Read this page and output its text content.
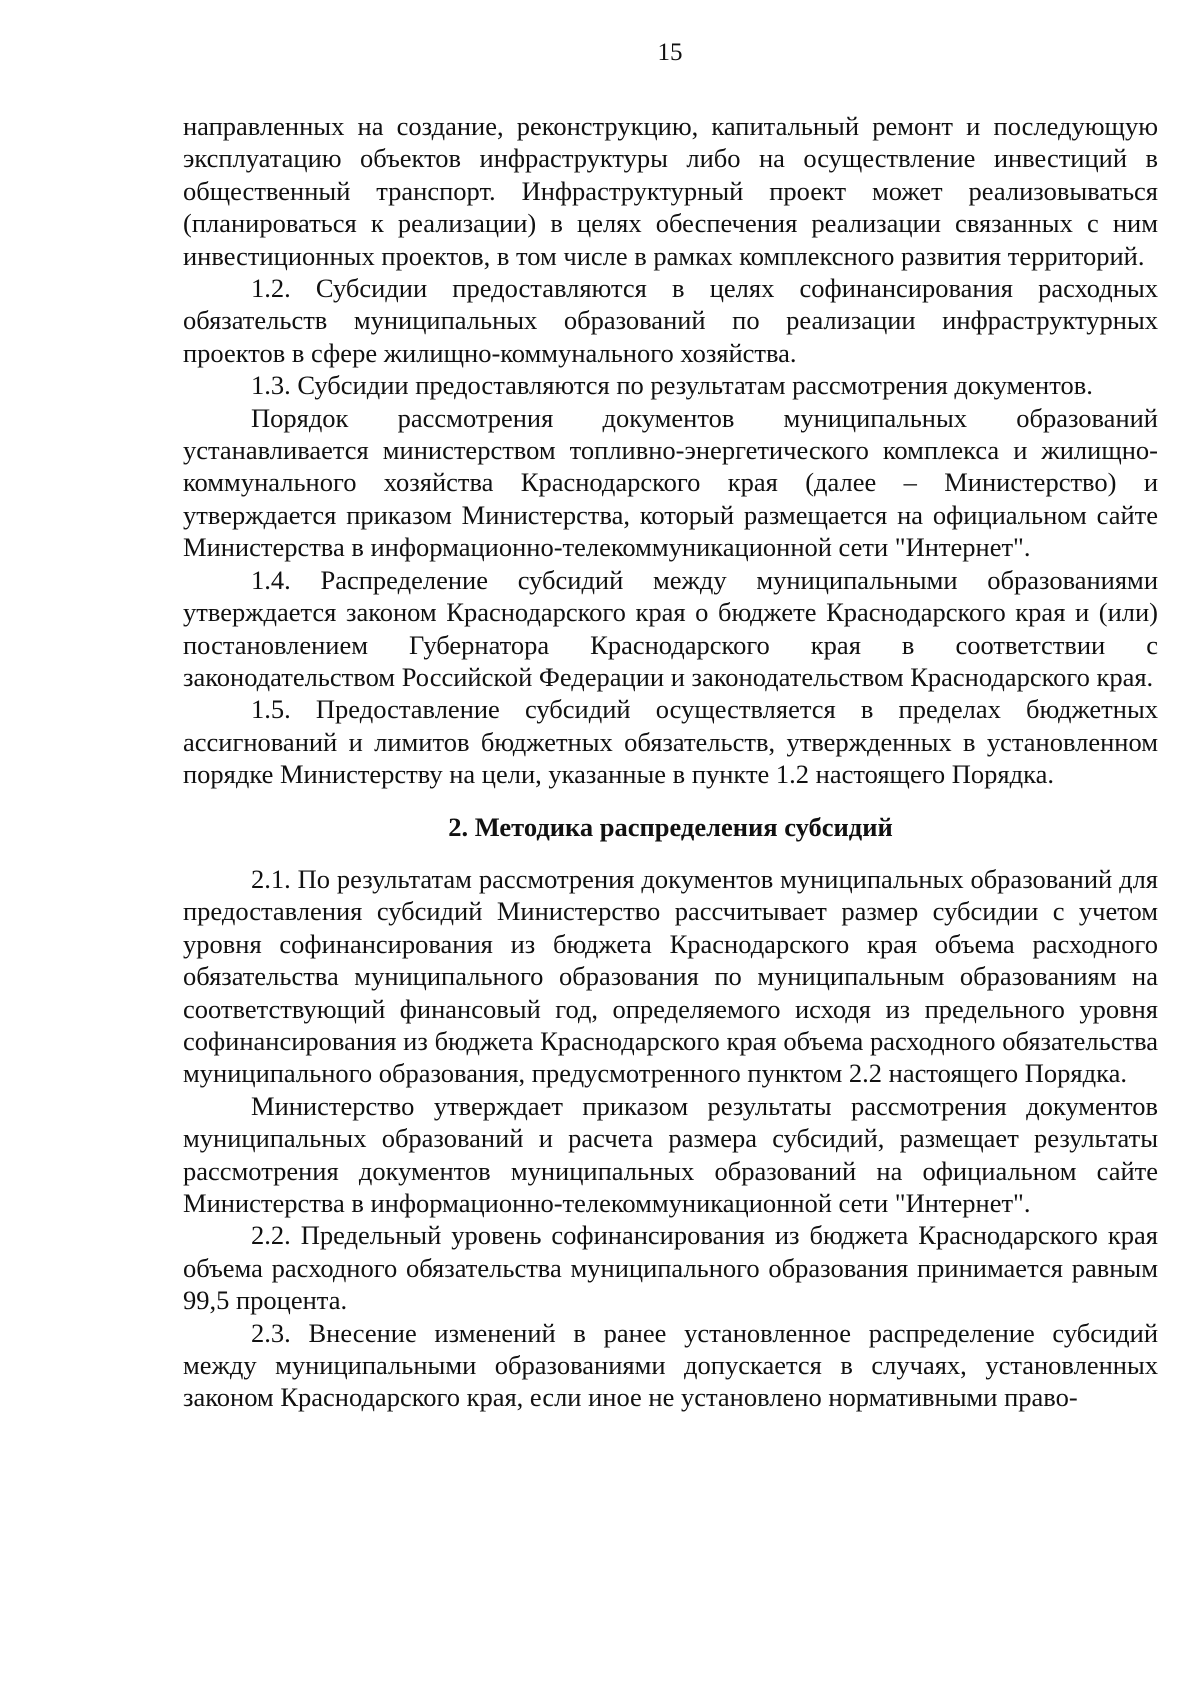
15

направленных на создание, реконструкцию, капитальный ремонт и последующую эксплуатацию объектов инфраструктуры либо на осуществление инвестиций в общественный транспорт. Инфраструктурный проект может реализовываться (планироваться к реализации) в целях обеспечения реализации связанных с ним инвестиционных проектов, в том числе в рамках комплексного развития территорий.

1.2. Субсидии предоставляются в целях софинансирования расходных обязательств муниципальных образований по реализации инфраструктурных проектов в сфере жилищно-коммунального хозяйства.

1.3. Субсидии предоставляются по результатам рассмотрения документов.

Порядок рассмотрения документов муниципальных образований устанавливается министерством топливно-энергетического комплекса и жилищно-коммунального хозяйства Краснодарского края (далее – Министерство) и утверждается приказом Министерства, который размещается на официальном сайте Министерства в информационно-телекоммуникационной сети "Интернет".

1.4. Распределение субсидий между муниципальными образованиями утверждается законом Краснодарского края о бюджете Краснодарского края и (или) постановлением Губернатора Краснодарского края в соответствии с законодательством Российской Федерации и законодательством Краснодарского края.

1.5. Предоставление субсидий осуществляется в пределах бюджетных ассигнований и лимитов бюджетных обязательств, утвержденных в установленном порядке Министерству на цели, указанные в пункте 1.2 настоящего Порядка.

2. Методика распределения субсидий

2.1. По результатам рассмотрения документов муниципальных образований для предоставления субсидий Министерство рассчитывает размер субсидии с учетом уровня софинансирования из бюджета Краснодарского края объема расходного обязательства муниципального образования по муниципальным образованиям на соответствующий финансовый год, определяемого исходя из предельного уровня софинансирования из бюджета Краснодарского края объема расходного обязательства муниципального образования, предусмотренного пунктом 2.2 настоящего Порядка.

Министерство утверждает приказом результаты рассмотрения документов муниципальных образований и расчета размера субсидий, размещает результаты рассмотрения документов муниципальных образований на официальном сайте Министерства в информационно-телекоммуникационной сети "Интернет".

2.2. Предельный уровень софинансирования из бюджета Краснодарского края объема расходного обязательства муниципального образования принимается равным 99,5 процента.

2.3. Внесение изменений в ранее установленное распределение субсидий между муниципальными образованиями допускается в случаях, установленных законом Краснодарского края, если иное не установлено нормативными право-
